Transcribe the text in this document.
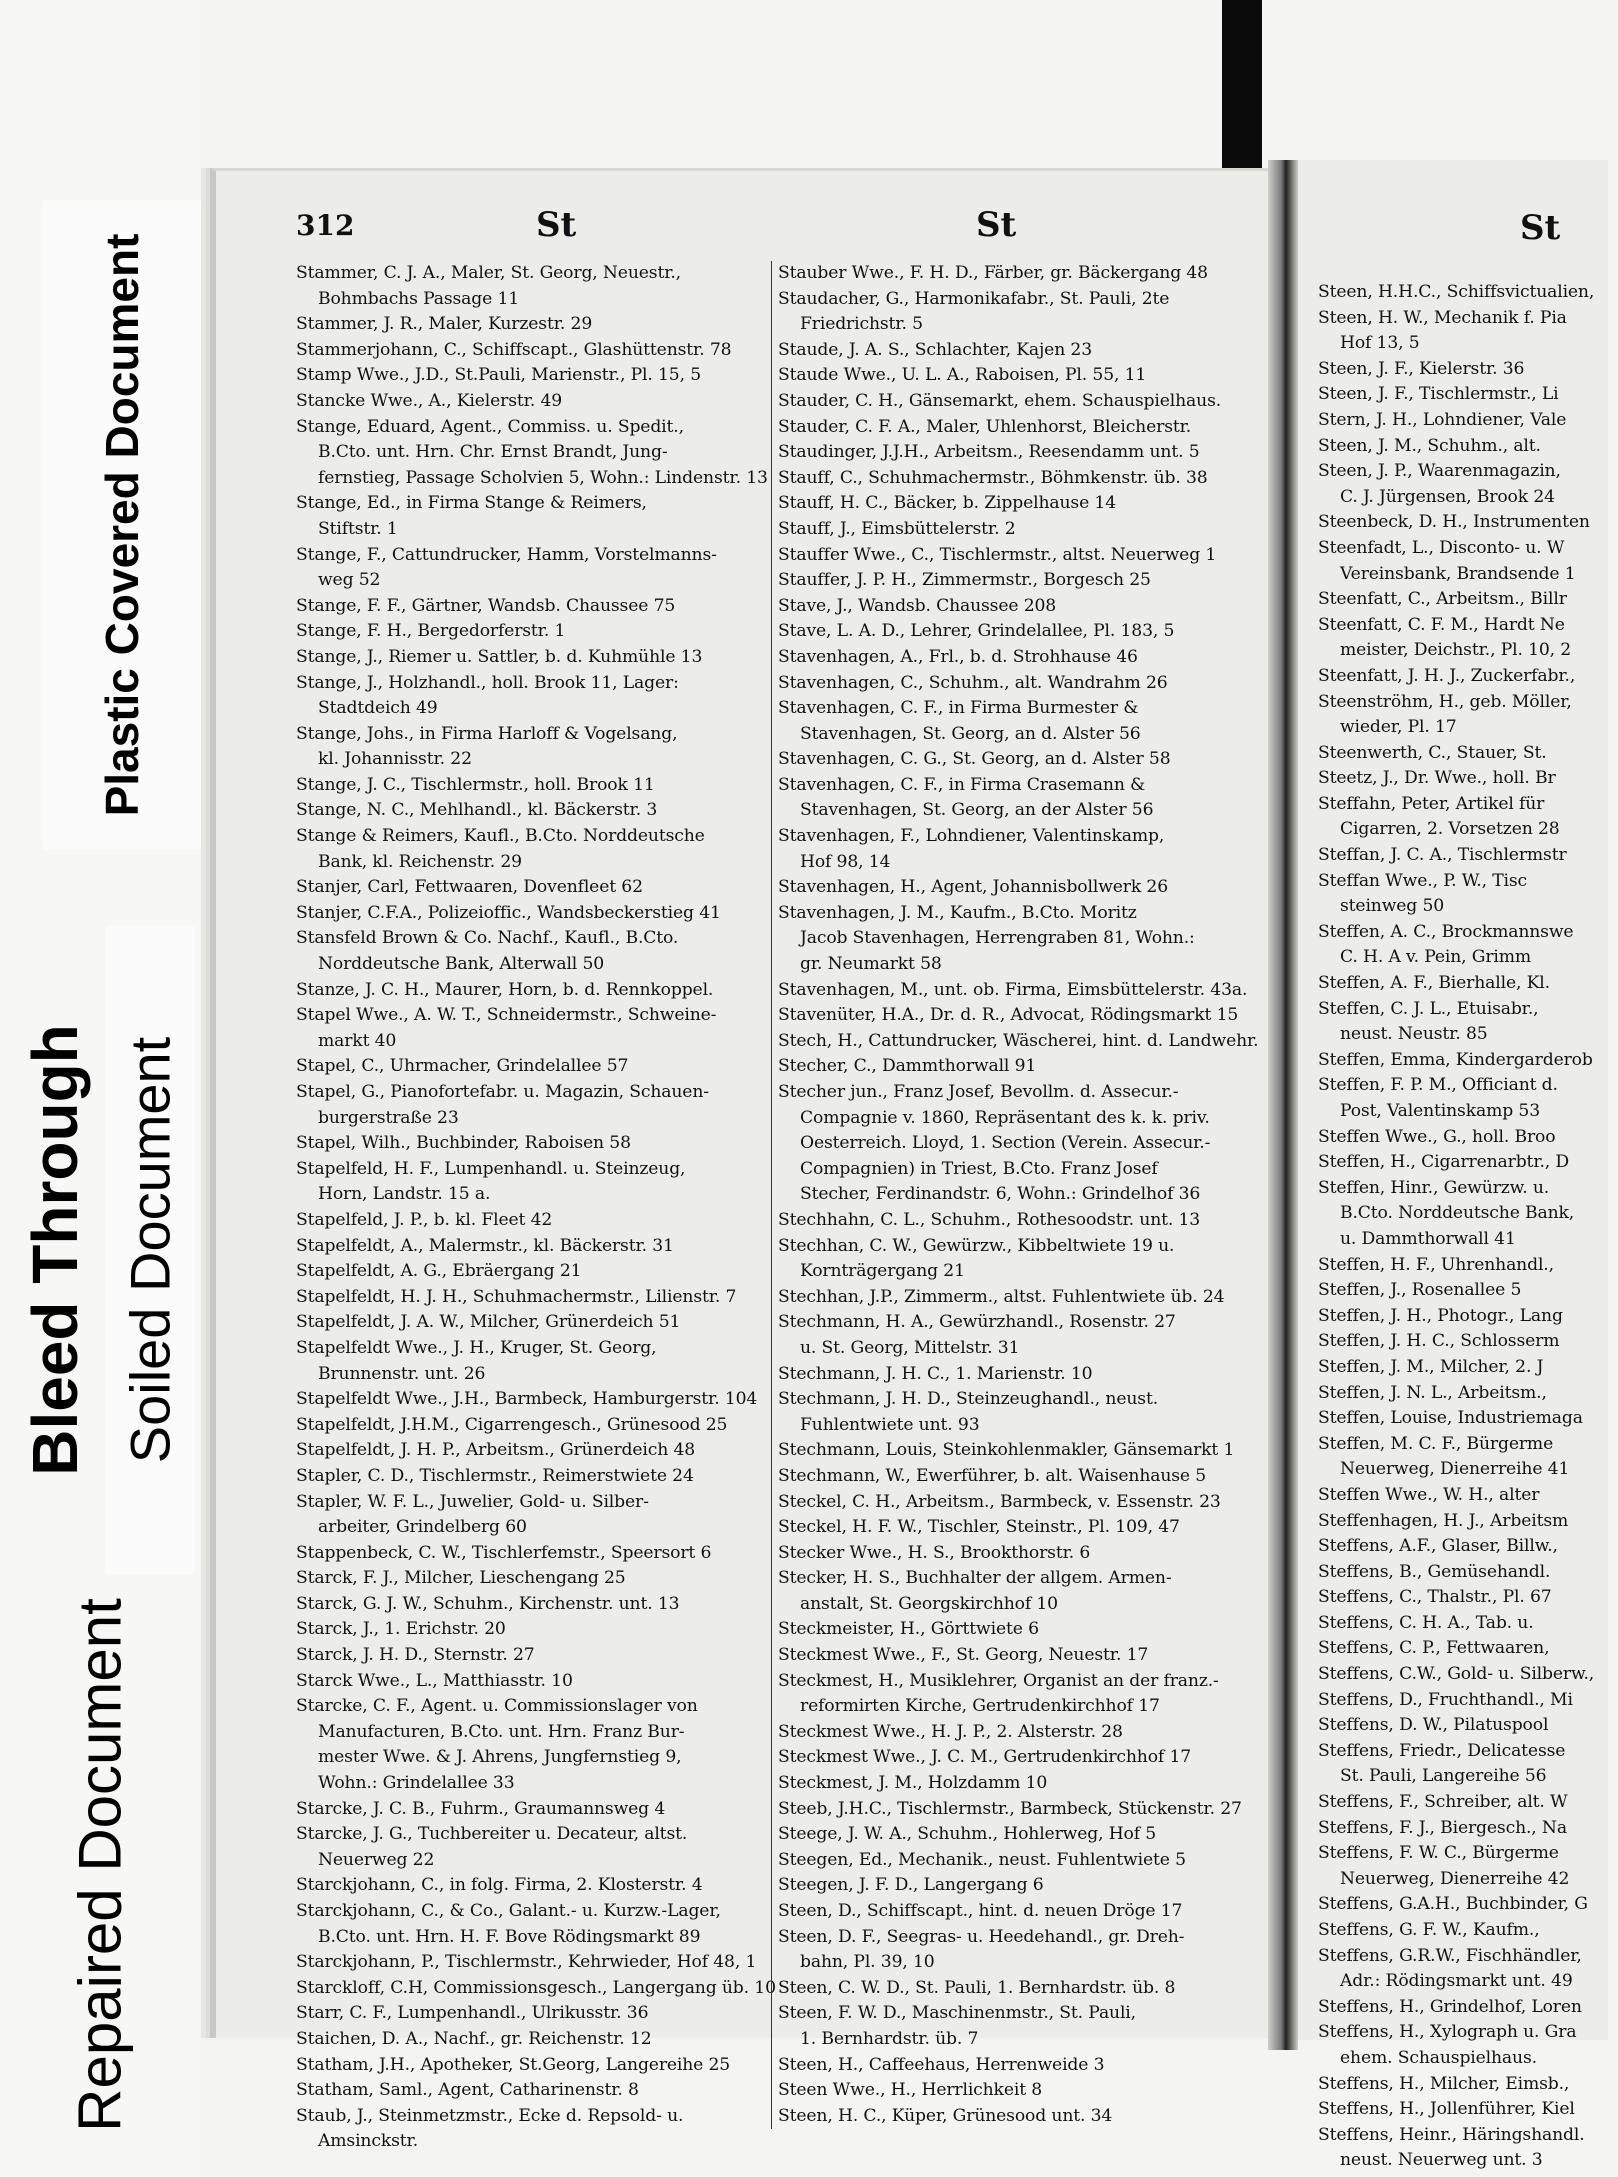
Plastic Covered Document
Bleed Through Soiled Document
Repaired Document
312	St	St
Stammer, C. J. A., Maler, St. Georg, Neuestr.,
Bohmbachs Passage 11
Stammer, J. R., Maler, Kurzestr. 29
Stammerjohann, C., Schiffscapt., Glashüttenstr. 78
Stamp Wwe., J.D., St.Pauli, Marienstr., Pl. 15, 5
Stancke Wwe., A., Kielerstr. 49
Stange, Eduard, Agent., Commiss. u. Spedit.,
B.Cto. unt. Hrn. Chr. Ernst Brandt, Jung-
fernstieg, Passage Scholvien 5, Wohn.: Lindenstr. 13
Stange, Ed., in Firma Stange & Reimers,
Stiftstr. 1
Stange, F., Cattundrucker, Hamm, Vorstelmanns-
weg 52
Stange, F. F., Gärtner, Wandsb. Chaussee 75
Stange, F. H., Bergedorferstr. 1
Stange, J., Riemer u. Sattler, b. d. Kuhmühle 13
Stange, J., Holzhandl., holl. Brook 11, Lager:
Stadtdeich 49
Stange, Johs., in Firma Harloff & Vogelsang,
kl. Johannisstr. 22
Stange, J. C., Tischlermstr., holl. Brook 11
Stange, N. C., Mehlhandl., kl. Bäckerstr. 3
Stange & Reimers, Kaufl., B.Cto. Norddeutsche
Bank, kl. Reichenstr. 29
Stanjer, Carl, Fettwaaren, Dovenfleet 62
Stanjer, C.F.A., Polizeioffic., Wandsbeckerstieg 41
Stansfeld Brown & Co. Nachf., Kaufl., B.Cto.
Norddeutsche Bank, Alterwall 50
Stanze, J. C. H., Maurer, Horn, b. d. Rennkoppel.
Stapel Wwe., A. W. T., Schneidermstr., Schweine-
markt 40
Stapel, C., Uhrmacher, Grindelallee 57
Stapel, G., Pianofortefabr. u. Magazin, Schauen-
burgerstraße 23
Stapel, Wilh., Buchbinder, Raboisen 58
Stapelfeld, H. F., Lumpenhandl. u. Steinzeug,
Horn, Landstr. 15 a.
Stapelfeld, J. P., b. kl. Fleet 42
Stapelfeldt, A., Malermstr., kl. Bäckerstr. 31
Stapelfeldt, A. G., Ebräergang 21
Stapelfeldt, H. J. H., Schuhmachermstr., Lilienstr. 7
Stapelfeldt, J. A. W., Milcher, Grünerdeich 51
Stapelfeldt Wwe., J. H., Kruger, St. Georg,
Brunnenstr. unt. 26
Stapelfeldt Wwe., J.H., Barmbeck, Hamburgerstr. 104
Stapelfeldt, J.H.M., Cigarrengesch., Grünesood 25
Stapelfeldt, J. H. P., Arbeitsm., Grünerdeich 48
Stapler, C. D., Tischlermstr., Reimerstwiete 24
Stapler, W. F. L., Juwelier, Gold- u. Silber-
arbeiter, Grindelberg 60
Stappenbeck, C. W., Tischlerfemstr., Speersort 6
Starck, F. J., Milcher, Lieschengang 25
Starck, G. J. W., Schuhm., Kirchenstr. unt. 13
Starck, J., 1. Erichstr. 20
Starck, J. H. D., Sternstr. 27
Starck Wwe., L., Matthiasstr. 10
Starcke, C. F., Agent. u. Commissionslager von
Manufacturen, B.Cto. unt. Hrn. Franz Bur-
mester Wwe. & J. Ahrens, Jungfernstieg 9,
Wohn.: Grindelallee 33
Starcke, J. C. B., Fuhrm., Graumannsweg 4
Starcke, J. G., Tuchbereiter u. Decateur, altst.
Neuerweg 22
Starckjohann, C., in folg. Firma, 2. Klosterstr. 4
Starckjohann, C., & Co., Galant.- u. Kurzw.-Lager,
B.Cto. unt. Hrn. H. F. Bove Rödingsmarkt 89
Starckjohann, P., Tischlermstr., Kehrwieder, Hof 48, 1
Starckloff, C.H, Commissionsgesch., Langergang üb. 10
Starr, C. F., Lumpenhandl., Ulrikusstr. 36
Staichen, D. A., Nachf., gr. Reichenstr. 12
Statham, J.H., Apotheker, St.Georg, Langereihe 25
Statham, Saml., Agent, Catharinenstr. 8
Staub, J., Steinmetzmstr., Ecke d. Repsold- u.
Amsinckstr.
Stauber Wwe., F. H. D., Färber, gr. Bäckergang 48
Staudacher, G., Harmonikafabr., St. Pauli, 2te
Friedrichstr. 5
Staude, J. A. S., Schlachter, Kajen 23
Staude Wwe., U. L. A., Raboisen, Pl. 55, 11
Stauder, C. H., Gänsemarkt, ehem. Schauspielhaus.
Stauder, C. F. A., Maler, Uhlenhorst, Bleicherstr.
Staudinger, J.J.H., Arbeitsm., Reesendamm unt. 5
Stauff, C., Schuhmachermstr., Böhmkenstr. üb. 38
Stauff, H. C., Bäcker, b. Zippelhause 14
Stauff, J., Eimsbüttelerstr. 2
Stauffer Wwe., C., Tischlermstr., altst. Neuerweg 1
Stauffer, J. P. H., Zimmermstr., Borgesch 25
Stave, J., Wandsb. Chaussee 208
Stave, L. A. D., Lehrer, Grindelallee, Pl. 183, 5
Stavenhagen, A., Frl., b. d. Strohhause 46
Stavenhagen, C., Schuhm., alt. Wandrahm 26
Stavenhagen, C. F., in Firma Burmester &
Stavenhagen, St. Georg, an d. Alster 56
Stavenhagen, C. G., St. Georg, an d. Alster 58
Stavenhagen, C. F., in Firma Crasemann &
Stavenhagen, St. Georg, an der Alster 56
Stavenhagen, F., Lohndiener, Valentinskamp,
Hof 98, 14
Stavenhagen, H., Agent, Johannisbollwerk 26
Stavenhagen, J. M., Kaufm., B.Cto. Moritz
Jacob Stavenhagen, Herrengraben 81, Wohn.:
gr. Neumarkt 58
Stavenhagen, M., unt. ob. Firma, Eimsbüttelerstr. 43a.
Stavenüter, H.A., Dr. d. R., Advocat, Rödingsmarkt 15
Stech, H., Cattundrucker, Wäscherei, hint. d. Landwehr.
Stecher, C., Dammthorwall 91
Stecher jun., Franz Josef, Bevollm. d. Assecur.-
Compagnie v. 1860, Repräsentant des k. k. priv.
Oesterreich. Lloyd, 1. Section (Verein. Assecur.-
Compagnien) in Triest, B.Cto. Franz Josef
Stecher, Ferdinandstr. 6, Wohn.: Grindelhof 36
Stechhahn, C. L., Schuhm., Rothesoodstr. unt. 13
Stechhan, C. W., Gewürzw., Kibbeltwiete 19 u.
Kornträgergang 21
Stechhan, J.P., Zimmerm., altst. Fuhlentwiete üb. 24
Stechmann, H. A., Gewürzhandl., Rosenstr. 27
u. St. Georg, Mittelstr. 31
Stechmann, J. H. C., 1. Marienstr. 10
Stechmann, J. H. D., Steinzeughandl., neust.
Fuhlentwiete unt. 93
Stechmann, Louis, Steinkohlenmakler, Gänsemarkt 1
Stechmann, W., Ewerführer, b. alt. Waisenhause 5
Steckel, C. H., Arbeitsm., Barmbeck, v. Essenstr. 23
Steckel, H. F. W., Tischler, Steinstr., Pl. 109, 47
Stecker Wwe., H. S., Brookthorstr. 6
Stecker, H. S., Buchhalter der allgem. Armen-
anstalt, St. Georgskirchhof 10
Steckmeister, H., Görttwiete 6
Steckmest Wwe., F., St. Georg, Neuestr. 17
Steckmest, H., Musiklehrer, Organist an der franz.-
reformirten Kirche, Gertrudenkirchhof 17
Steckmest Wwe., H. J. P., 2. Alsterstr. 28
Steckmest Wwe., J. C. M., Gertrudenkirchhof 17
Steckmest, J. M., Holzdamm 10
Steeb, J.H.C., Tischlermstr., Barmbeck, Stückenstr. 27
Steege, J. W. A., Schuhm., Hohlerweg, Hof 5
Steegen, Ed., Mechanik., neust. Fuhlentwiete 5
Steegen, J. F. D., Langergang 6
Steen, D., Schiffscapt., hint. d. neuen Dröge 17
Steen, D. F., Seegras- u. Heedehandl., gr. Dreh-
bahn, Pl. 39, 10
Steen, C. W. D., St. Pauli, 1. Bernhardstr. üb. 8
Steen, F. W. D., Maschinenmstr., St. Pauli,
1. Bernhardstr. üb. 7
Steen, H., Caffeehaus, Herrenweide 3
Steen Wwe., H., Herrlichkeit 8
Steen, H. C., Küper, Grünesood unt. 34
St
Steen, H.H.C., Schiffsvictualien,
Steen, H. W., Mechanik f. Pia
Hof 13, 5
Steen, J. F., Kielerstr. 36
Steen, J. F., Tischlermstr., Li
Stern, J. H., Lohndiener, Vale
Steen, J. M., Schuhm., alt.
Steen, J. P., Waarenmagazin,
C. J. Jürgensen, Brook 24
Steenbeck, D. H., Instrumenten
Steenfadt, L., Disconto- u. W
Vereinsbank, Brandsende 1
Steenfatt, C., Arbeitsm., Billr
Steenfatt, C. F. M., Hardt Ne
meister, Deichstr., Pl. 10, 2
Steenfatt, J. H. J., Zuckerfabr.,
Steenströhm, H., geb. Möller,
wieder, Pl. 17
Steenwerth, C., Stauer, St.
Steetz, J., Dr. Wwe., holl. Br
Steffahn, Peter, Artikel für
Cigarren, 2. Vorsetzen 28
Steffan, J. C. A., Tischlermstr
Steffan Wwe., P. W., Tisc
steinweg 50
Steffen, A. C., Brockmannswe
C. H. A v. Pein, Grimm
Steffen, A. F., Bierhalle, Kl.
Steffen, C. J. L., Etuisabr.,
neust. Neustr. 85
Steffen, Emma, Kindergarderob
Steffen, F. P. M., Officiant d.
Post, Valentinskamp 53
Steffen Wwe., G., holl. Broo
Steffen, H., Cigarrenarbtr., D
Steffen, Hinr., Gewürzw. u.
B.Cto. Norddeutsche Bank,
u. Dammthorwall 41
Steffen, H. F., Uhrenhandl.,
Steffen, J., Rosenallee 5
Steffen, J. H., Photogr., Lang
Steffen, J. H. C., Schlosserm
Steffen, J. M., Milcher, 2. J
Steffen, J. N. L., Arbeitsm.,
Steffen, Louise, Industriemaga
Steffen, M. C. F., Bürgerme
Neuerweg, Dienerreihe 41
Steffen Wwe., W. H., alter
Steffenhagen, H. J., Arbeitsm
Steffens, A.F., Glaser, Billw.,
Steffens, B., Gemüsehandl.
Steffens, C., Thalstr., Pl. 67
Steffens, C. H. A., Tab. u.
Steffens, C. P., Fettwaaren,
Steffens, C.W., Gold- u. Silberw.,
Steffens, D., Fruchthandl., Mi
Steffens, D. W., Pilatuspool
Steffens, Friedr., Delicatesse
St. Pauli, Langereihe 56
Steffens, F., Schreiber, alt. W
Steffens, F. J., Biergesch., Na
Steffens, F. W. C., Bürgerme
Neuerweg, Dienerreihe 42
Steffens, G.A.H., Buchbinder, G
Steffens, G. F. W., Kaufm.,
Steffens, G.R.W., Fischhändler,
Adr.: Rödingsmarkt unt. 49
Steffens, H., Grindelhof, Loren
Steffens, H., Xylograph u. Gra
ehem. Schauspielhaus.
Steffens, H., Milcher, Eimsb.,
Steffens, H., Jollenführer, Kiel
Steffens, Heinr., Häringshandl.
neust. Neuerweg unt. 3
